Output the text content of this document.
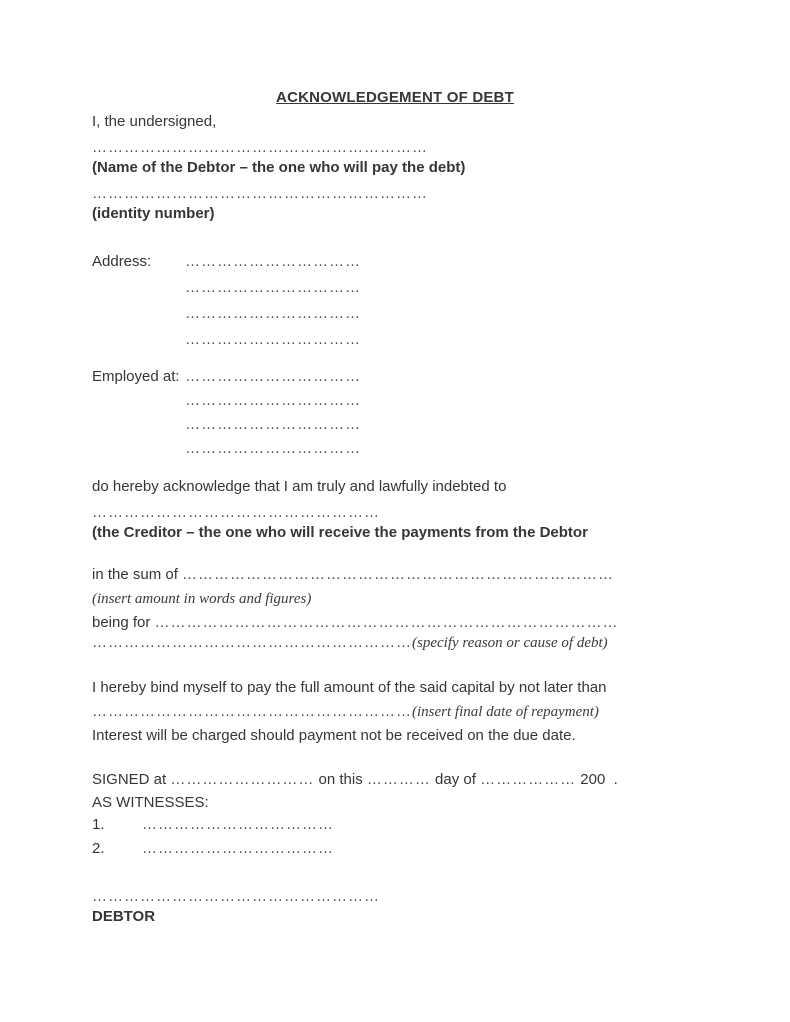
ACKNOWLEDGEMENT OF DEBT
I, the undersigned,
………………………………………………………
(Name of the Debtor – the one who will pay the debt)
………………………………………………………
(identity number)
Address:	……………………………
……………………………
……………………………
……………………………
Employed at: ……………………………
……………………………
……………………………
……………………………
do hereby acknowledge that I am truly and lawfully indebted to
………………………………………………
(the Creditor – the one who will receive the payments from the Debtor
in the sum of ………………………………………………………………………
(insert amount in words and figures)
being for ……………………………………………………………………………
……………………………………………………(specify reason or cause of debt)
I hereby bind myself to pay the full amount of the said capital by not later than
……………………………………………………(insert final date of repayment)
Interest will be charged should payment not be received on the due date.
SIGNED at ……………………… on this ………… day of ……………… 200  .
AS WITNESSES:
1.	………………………………
2.	………………………………
………………………………………………
DEBTOR
